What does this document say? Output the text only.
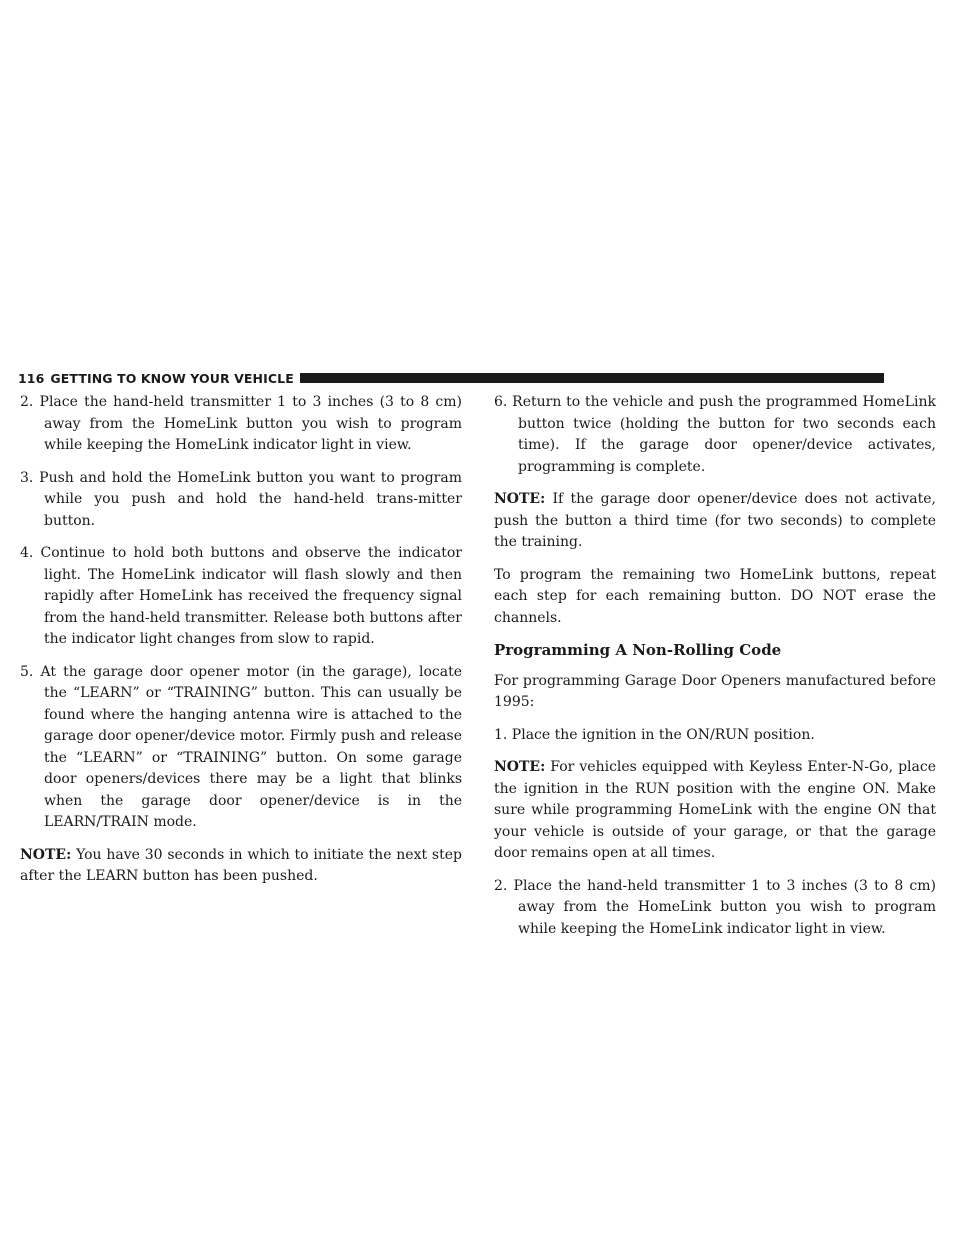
116 GETTING TO KNOW YOUR VEHICLE

2. Place the hand-held transmitter 1 to 3 inches (3 to 8 cm) away from the HomeLink button you wish to program while keeping the HomeLink indicator light in view.

3. Push and hold the HomeLink button you want to program while you push and hold the hand-held trans-mitter button.

4. Continue to hold both buttons and observe the indicator light. The HomeLink indicator will flash slowly and then rapidly after HomeLink has received the frequency signal from the hand-held transmitter. Release both buttons after the indicator light changes from slow to rapid.

5. At the garage door opener motor (in the garage), locate the “LEARN” or “TRAINING” button. This can usually be found where the hanging antenna wire is attached to the garage door opener/device motor. Firmly push and release the “LEARN” or “TRAINING” button. On some garage door openers/devices there may be a light that blinks when the garage door opener/device is in the LEARN/TRAIN mode.

NOTE: You have 30 seconds in which to initiate the next step after the LEARN button has been pushed.

6. Return to the vehicle and push the programmed HomeLink button twice (holding the button for two seconds each time). If the garage door opener/device activates, programming is complete.

NOTE: If the garage door opener/device does not activate, push the button a third time (for two seconds) to complete the training.

To program the remaining two HomeLink buttons, repeat each step for each remaining button. DO NOT erase the channels.

Programming A Non-Rolling Code

For programming Garage Door Openers manufactured before 1995:

1. Place the ignition in the ON/RUN position.

NOTE: For vehicles equipped with Keyless Enter-N-Go, place the ignition in the RUN position with the engine ON. Make sure while programming HomeLink with the engine ON that your vehicle is outside of your garage, or that the garage door remains open at all times.

2. Place the hand-held transmitter 1 to 3 inches (3 to 8 cm) away from the HomeLink button you wish to program while keeping the HomeLink indicator light in view.
